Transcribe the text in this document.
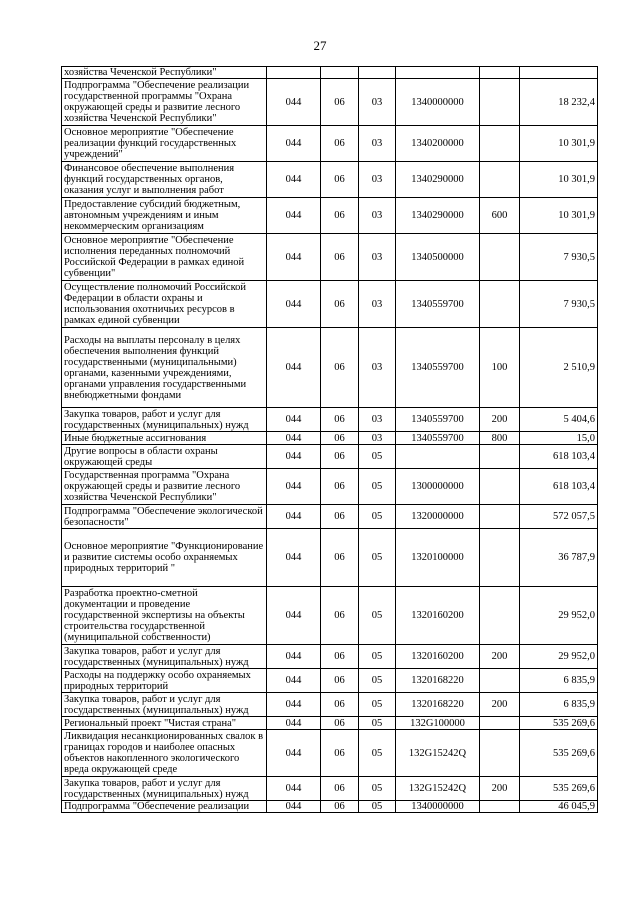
27
хозяйства Чеченской Республики"						
Подпрограмма "Обеспечение реализации государственной программы "Охрана окружающей среды и развитие лесного хозяйства Чеченской Республики"	044	06	03	1340000000		18 232,4
Основное мероприятие "Обеспечение реализации функций государственных учреждений"	044	06	03	1340200000		10 301,9
Финансовое обеспечение выполнения функций государственных органов, оказания услуг и выполнения работ	044	06	03	1340290000		10 301,9
Предоставление субсидий бюджетным, автономным учреждениям и иным некоммерческим организациям	044	06	03	1340290000	600	10 301,9
Основное мероприятие "Обеспечение исполнения переданных полномочий Российской Федерации в рамках единой субвенции"	044	06	03	1340500000		7 930,5
Осуществление полномочий Российской Федерации в области охраны и использования охотничьих ресурсов в рамках единой субвенции	044	06	03	1340559700		7 930,5
Расходы на выплаты персоналу в целях обеспечения выполнения функций государственными (муниципальными) органами, казенными учреждениями, органами управления государственными внебюджетными фондами	044	06	03	1340559700	100	2 510,9
Закупка товаров, работ и услуг для государственных (муниципальных) нужд	044	06	03	1340559700	200	5 404,6
Иные бюджетные ассигнования	044	06	03	1340559700	800	15,0
Другие вопросы в области охраны окружающей среды	044	06	05			618 103,4
Государственная программа "Охрана окружающей среды и развитие лесного хозяйства Чеченской Республики"	044	06	05	1300000000		618 103,4
Подпрограмма "Обеспечение экологической безопасности"	044	06	05	1320000000		572 057,5
Основное мероприятие "Функционирование и развитие системы особо охраняемых природных территорий "	044	06	05	1320100000		36 787,9
Разработка проектно-сметной документации и проведение государственной экспертизы на объекты строительства государственной (муниципальной собственности)	044	06	05	1320160200		29 952,0
Закупка товаров, работ и услуг для государственных (муниципальных) нужд	044	06	05	1320160200	200	29 952,0
Расходы на поддержку особо охраняемых природных территорий	044	06	05	1320168220		6 835,9
Закупка товаров, работ и услуг для государственных (муниципальных) нужд	044	06	05	1320168220	200	6 835,9
Региональный проект "Чистая страна"	044	06	05	132G100000		535 269,6
Ликвидация несанкционированных свалок в границах городов и наиболее опасных объектов накопленного экологического вреда окружающей среде	044	06	05	132G15242Q		535 269,6
Закупка товаров, работ и услуг для государственных (муниципальных) нужд	044	06	05	132G15242Q	200	535 269,6
Подпрограмма "Обеспечение реализации	044	06	05	1340000000		46 045,9
